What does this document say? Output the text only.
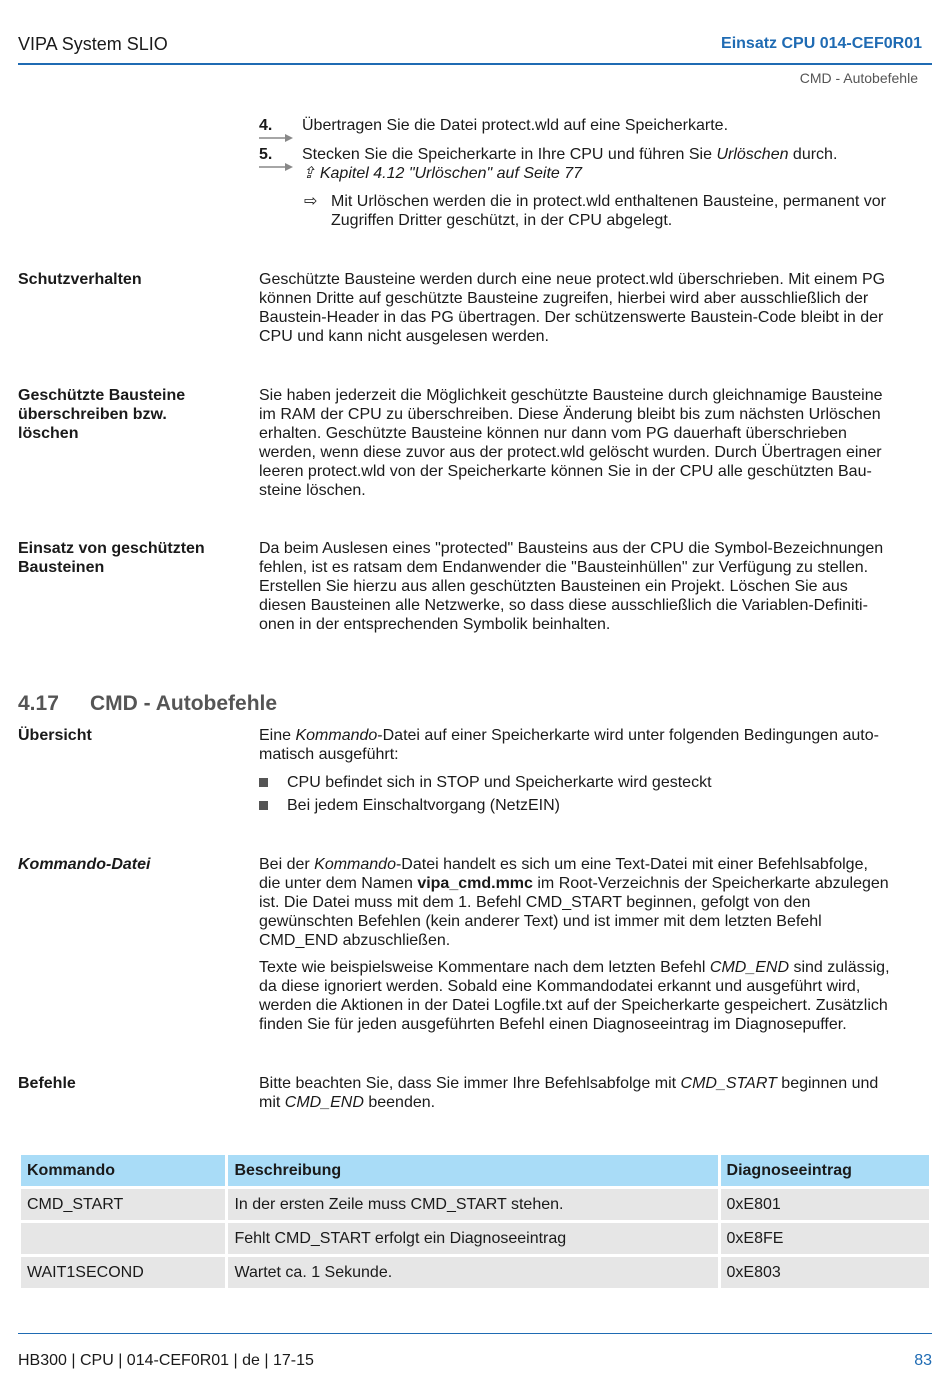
VIPA System SLIO	Einsatz CPU 014-CEF0R01
CMD - Autobefehle
4. Übertragen Sie die Datei protect.wld auf eine Speicherkarte.
5. Stecken Sie die Speicherkarte in Ihre CPU und führen Sie Urlöschen durch.
⇪ Kapitel 4.12 "Urlöschen" auf Seite 77
⇨ Mit Urlöschen werden die in protect.wld enthaltenen Bausteine, permanent vor
Zugriffen Dritter geschützt, in der CPU abgelegt.
Schutzverhalten	Geschützte Bausteine werden durch eine neue protect.wld überschrieben. Mit einem PG
können Dritte auf geschützte Bausteine zugreifen, hierbei wird aber ausschließlich der
Baustein-Header in das PG übertragen. Der schützenswerte Baustein-Code bleibt in der
CPU und kann nicht ausgelesen werden.
Geschützte Bausteine
überschreiben bzw.
löschen
Sie haben jederzeit die Möglichkeit geschützte Bausteine durch gleichnamige Bausteine
im RAM der CPU zu überschreiben. Diese Änderung bleibt bis zum nächsten Urlöschen
erhalten. Geschützte Bausteine können nur dann vom PG dauerhaft überschrieben
werden, wenn diese zuvor aus der protect.wld gelöscht wurden. Durch Übertragen einer
leeren protect.wld von der Speicherkarte können Sie in der CPU alle geschützten Bau-
steine löschen.
Einsatz von geschützten
Bausteinen
Da beim Auslesen eines "protected" Bausteins aus der CPU die Symbol-Bezeichnungen
fehlen, ist es ratsam dem Endanwender die "Bausteinhüllen" zur Verfügung zu stellen.
Erstellen Sie hierzu aus allen geschützten Bausteinen ein Projekt. Löschen Sie aus
diesen Bausteinen alle Netzwerke, so dass diese ausschließlich die Variablen-Definiti-
onen in der entsprechenden Symbolik beinhalten.
4.17 CMD - Autobefehle
Übersicht	Eine Kommando-Datei auf einer Speicherkarte wird unter folgenden Bedingungen auto-
matisch ausgeführt:
CPU befindet sich in STOP und Speicherkarte wird gesteckt
Bei jedem Einschaltvorgang (NetzEIN)
Kommando-Datei	Bei der Kommando-Datei handelt es sich um eine Text-Datei mit einer Befehlsabfolge,
die unter dem Namen vipa_cmd.mmc im Root-Verzeichnis der Speicherkarte abzulegen
ist. Die Datei muss mit dem 1. Befehl CMD_START beginnen, gefolgt von den
gewünschten Befehlen (kein anderer Text) und ist immer mit dem letzten Befehl
CMD_END abzuschließen.
Texte wie beispielsweise Kommentare nach dem letzten Befehl CMD_END sind zulässig,
da diese ignoriert werden. Sobald eine Kommandodatei erkannt und ausgeführt wird,
werden die Aktionen in der Datei Logfile.txt auf der Speicherkarte gespeichert. Zusätzlich
finden Sie für jeden ausgeführten Befehl einen Diagnoseeintrag im Diagnosepuffer.
Befehle	Bitte beachten Sie, dass Sie immer Ihre Befehlsabfolge mit CMD_START beginnen und
mit CMD_END beenden.
Kommando	Beschreibung	Diagnoseeintrag
CMD_START	In der ersten Zeile muss CMD_START stehen.	0xE801
	Fehlt CMD_START erfolgt ein Diagnoseeintrag	0xE8FE
WAIT1SECOND	Wartet ca. 1 Sekunde.	0xE803
HB300 | CPU | 014-CEF0R01 | de | 17-15	83
